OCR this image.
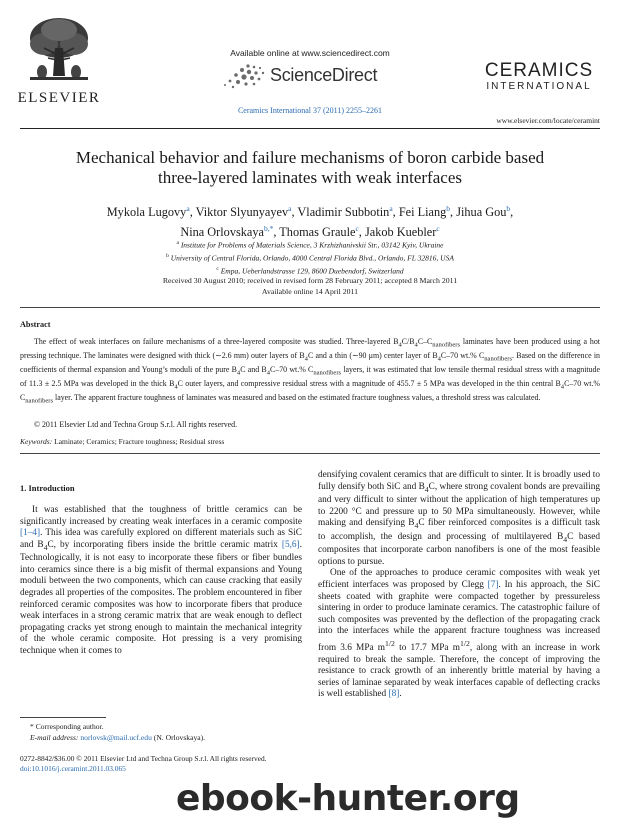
ELSEVIER
Available online at www.sciencedirect.com
ScienceDirect
Ceramics International 37 (2011) 2255–2261
CERAMICS
INTERNATIONAL
www.elsevier.com/locate/ceramint
Mechanical behavior and failure mechanisms of boron carbide based
three-layered laminates with weak interfaces
Mykola Lugovy$^a$, Viktor Slyunyayev$^a$, Vladimir Subbotin$^a$, Fei Liang$^b$, Jihua Gou$^b$,
Nina Orlovskaya$^{b,*}$, Thomas Graule$^c$, Jakob Kuebler$^c$
$^a$ Institute for Problems of Materials Science, 3 Krzhizhanivskii Str., 03142 Kyiv, Ukraine
$^b$ University of Central Florida, Orlando, 4000 Central Florida Blvd., Orlando, FL 32816, USA
$^c$ Empa, Ueberlandstrasse 129, 8600 Duebendorf, Switzerland
Received 30 August 2010; received in revised form 28 February 2011; accepted 8 March 2011
Available online 14 April 2011
Abstract
The effect of weak interfaces on failure mechanisms of a three-layered composite was studied. Three-layered $B_4C/B_4C-C_{nanofibers}$ laminates have been produced using a hot pressing technique. The laminates were designed with thick (∼2.6 mm) outer layers of $B_4C$ and a thin (∼90 μm) center layer of $B_4C-70$ wt.% $C_{nanofibers}$. Based on the difference in coefficients of thermal expansion and Young’s moduli of the pure $B_4C$ and $B_4C-70$ wt.% $C_{nanofibers}$ layers, it was estimated that low tensile thermal residual stress with a magnitude of 11.3 ± 2.5 MPa was developed in the thick $B_4C$ outer layers, and compressive residual stress with a magnitude of 455.7 ± 5 MPa was developed in the thin central $B_4C-70$ wt.% $C_{nanofibers}$ layer. The apparent fracture toughness of laminates was measured and based on the estimated fracture toughness values, a threshold stress was calculated.
© 2011 Elsevier Ltd and Techna Group S.r.l. All rights reserved.
Keywords: Laminate; Ceramics; Fracture toughness; Residual stress
1. Introduction
It was established that the toughness of brittle ceramics can be significantly increased by creating weak interfaces in a ceramic composite [1–4]. This idea was carefully explored on different materials such as SiC and $B_4C$, by incorporating fibers inside the brittle ceramic matrix [5,6]. Technologically, it is not easy to incorporate these fibers or fiber bundles into ceramics since there is a big misfit of thermal expansions and Young moduli between the two components, which can cause cracking that easily degrades all properties of the composites. The problem encountered in fiber reinforced ceramic composites was how to incorporate fibers that produce weak interfaces in a strong ceramic matrix that are weak enough to deflect propagating cracks yet strong enough to maintain the mechanical integrity of the whole ceramic composite. Hot pressing is a very promising technique when it comes to

densifying covalent ceramics that are difficult to sinter. It is broadly used to fully densify both SiC and $B_4C$, where strong covalent bonds are prevailing and very difficult to sinter without the application of high temperatures up to 2200 °C and pressure up to 50 MPa simultaneously. However, while making and densifying $B_4C$ fiber reinforced composites is a difficult task to accomplish, the design and processing of multilayered $B_4C$ based composites that incorporate carbon nanofibers is one of the most feasible options to pursue.

One of the approaches to produce ceramic composites with weak yet efficient interfaces was proposed by Clegg [7]. In his approach, the SiC sheets coated with graphite were compacted together by pressureless sintering in order to produce laminate ceramics. The catastrophic failure of such composites was prevented by the deflection of the propagating crack into the interfaces while the apparent fracture toughness was increased from 3.6 MPa $m^{1/2}$ to 17.7 MPa $m^{1/2}$, along with an increase in work required to break the sample. Therefore, the concept of improving the resistance to crack growth of an inherently brittle material by having a series of laminae separated by weak interfaces capable of deflecting cracks is well established [8].

* Corresponding author.
E-mail address: norlovsk@mail.ucf.edu (N. Orlovskaya).
0272-8842/$36.00 © 2011 Elsevier Ltd and Techna Group S.r.l. All rights reserved.
doi:10.1016/j.ceramint.2011.03.065
ebook-hunter.org
